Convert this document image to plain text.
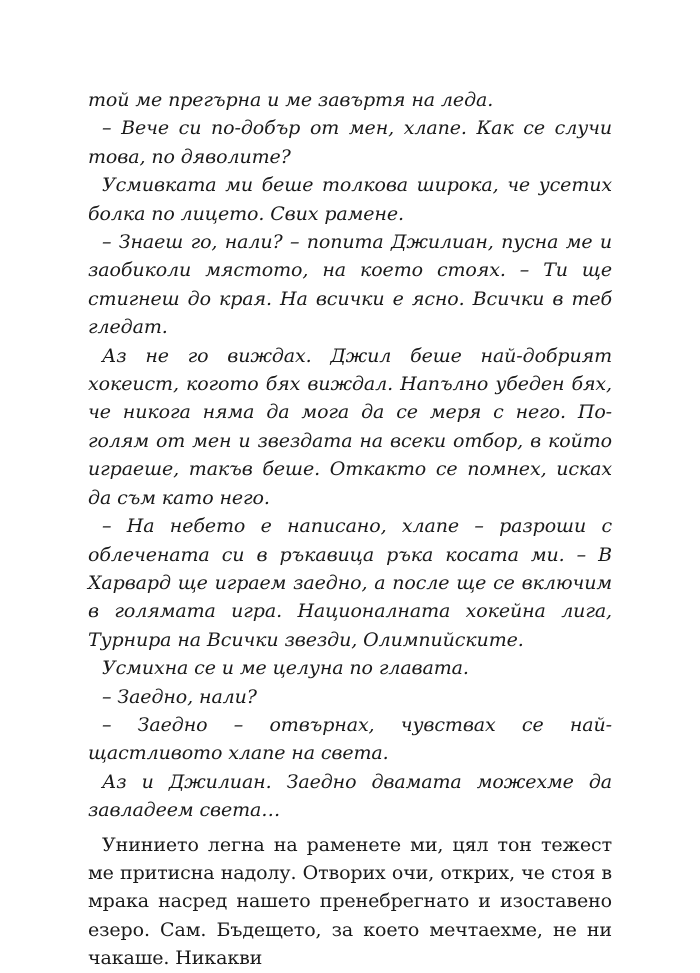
той ме прегърна и ме завъртя на леда.

– Вече си по-добър от мен, хлапе. Как се случи това, по дяволите?

Усмивката ми беше толкова широка, че усетих болка по лицето. Свих рамене.

– Знаеш го, нали? – попита Джилиан, пусна ме и заобиколи мястото, на което стоях. – Ти ще стигнеш до края. На всички е ясно. Всички в теб гледат.

Аз не го виждах. Джил беше най-добрият хокеист, когото бях виждал. Напълно убеден бях, че никога няма да мога да се меря с него. По-голям от мен и звездата на всеки отбор, в който играеше, такъв беше. Откакто се помнех, исках да съм като него.

– На небето е написано, хлапе – разроши с облечената си в ръкавица ръка косата ми. – В Харвард ще играем заедно, а после ще се включим в голямата игра. Националната хокейна лига, Турнира на Всички звезди, Олимпийските.

Усмихна се и ме целуна по главата.

– Заедно, нали?

– Заедно – отвърнах, чувствах се най-щастливото хлапе на света.

Аз и Джилиан. Заедно двамата можехме да завладеем света…

Унинието легна на раменете ми, цял тон тежест ме притисна надолу. Отворих очи, открих, че стоя в мрака насред нашето пренебрегнато и изоставено езеро. Сам. Бъдещето, за което мечтаехме, не ни чакаше. Никакви
